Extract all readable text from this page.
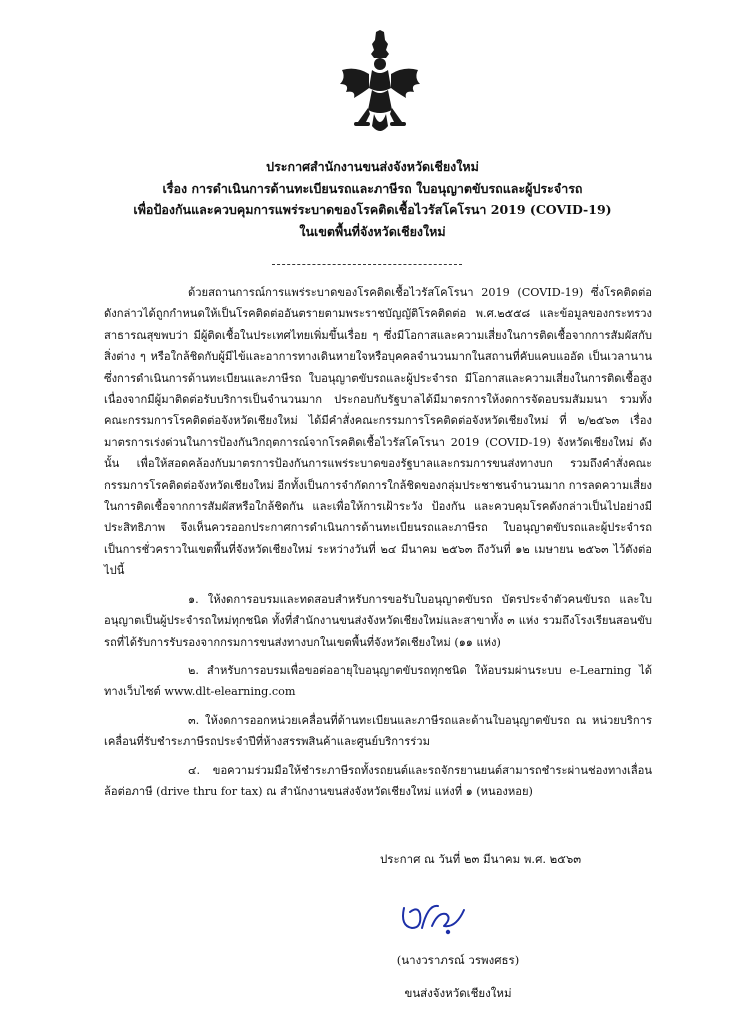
ประกาศสำนักงานขนส่งจังหวัดเชียงใหม่
เรื่อง การดำเนินการด้านทะเบียนรถและภาษีรถ ใบอนุญาตขับรถและผู้ประจำรถ
เพื่อป้องกันและควบคุมการแพร่ระบาดของโรคติดเชื้อไวรัสโคโรนา 2019 (COVID-19)
ในเขตพื้นที่จังหวัดเชียงใหม่

ด้วยสถานการณ์การแพร่ระบาดของโรคติดเชื้อไวรัสโคโรนา 2019 (COVID-19) ซึ่งโรคติดต่อดังกล่าวได้ถูกกำหนดให้เป็นโรคติดต่ออันตรายตามพระราชบัญญัติโรคติดต่อ พ.ศ.๒๕๕๘ และข้อมูลของกระทรวงสาธารณสุขพบว่า มีผู้ติดเชื้อในประเทศไทยเพิ่มขึ้นเรื่อย ๆ ซึ่งมีโอกาสและความเสี่ยงในการติดเชื้อจากการสัมผัสกับสิ่งต่าง ๆ หรือใกล้ชิดกับผู้มีไข้และอาการทางเดินหายใจหรือบุคคลจำนวนมากในสถานที่คับแคบแออัด เป็นเวลานาน ซึ่งการดำเนินการด้านทะเบียนและภาษีรถ ใบอนุญาตขับรถและผู้ประจำรถ มีโอกาสและความเสี่ยงในการติดเชื้อสูงเนื่องจากมีผู้มาติดต่อรับบริการเป็นจำนวนมาก ประกอบกับรัฐบาลได้มีมาตรการให้งดการจัดอบรมสัมมนา รวมทั้งคณะกรรมการโรคติดต่อจังหวัดเชียงใหม่ ได้มีคำสั่งคณะกรรมการโรคติดต่อจังหวัดเชียงใหม่ ที่ ๒/๒๕๖๓ เรื่อง มาตรการเร่งด่วนในการป้องกันวิกฤตการณ์จากโรคติดเชื้อไวรัสโคโรนา 2019 (COVID-19) จังหวัดเชียงใหม่ ดังนั้น เพื่อให้สอดคล้องกับมาตรการป้องกันการแพร่ระบาดของรัฐบาลและกรมการขนส่งทางบก รวมถึงคำสั่งคณะกรรมการโรคติดต่อจังหวัดเชียงใหม่ อีกทั้งเป็นการจำกัดการใกล้ชิดของกลุ่มประชาชนจำนวนมาก การลดความเสี่ยงในการติดเชื้อจากการสัมผัสหรือใกล้ชิดกัน และเพื่อให้การเฝ้าระวัง ป้องกัน และควบคุมโรคดังกล่าวเป็นไปอย่างมีประสิทธิภาพ จึงเห็นควรออกประกาศการดำเนินการด้านทะเบียนรถและภาษีรถ ใบอนุญาตขับรถและผู้ประจำรถ เป็นการชั่วคราวในเขตพื้นที่จังหวัดเชียงใหม่ ระหว่างวันที่ ๒๔ มีนาคม ๒๕๖๓ ถึงวันที่ ๑๒ เมษายน ๒๕๖๓ ไว้ดังต่อไปนี้

๑. ให้งดการอบรมและทดสอบสำหรับการขอรับใบอนุญาตขับรถ บัตรประจำตัวคนขับรถ และใบอนุญาตเป็นผู้ประจำรถใหม่ทุกชนิด ทั้งที่สำนักงานขนส่งจังหวัดเชียงใหม่และสาขาทั้ง ๓ แห่ง รวมถึงโรงเรียนสอนขับรถที่ได้รับการรับรองจากกรมการขนส่งทางบกในเขตพื้นที่จังหวัดเชียงใหม่ (๑๑ แห่ง)

๒. สำหรับการอบรมเพื่อขอต่ออายุใบอนุญาตขับรถทุกชนิด ให้อบรมผ่านระบบ e-Learning ได้ทางเว็บไซต์ www.dlt-elearning.com

๓. ให้งดการออกหน่วยเคลื่อนที่ด้านทะเบียนและภาษีรถและด้านใบอนุญาตขับรถ ณ หน่วยบริการเคลื่อนที่รับชำระภาษีรถประจำปีที่ห้างสรรพสินค้าและศูนย์บริการร่วม

๔. ขอความร่วมมือให้ชำระภาษีรถทั้งรถยนต์และรถจักรยานยนต์สามารถชำระผ่านช่องทางเลื่อนล้อต่อภาษี (drive thru for tax) ณ สำนักงานขนส่งจังหวัดเชียงใหม่ แห่งที่ ๑ (หนองหอย)

ประกาศ ณ วันที่ ๒๓ มีนาคม พ.ศ. ๒๕๖๓
(นางวราภรณ์ วรพงศธร)
ขนส่งจังหวัดเชียงใหม่
